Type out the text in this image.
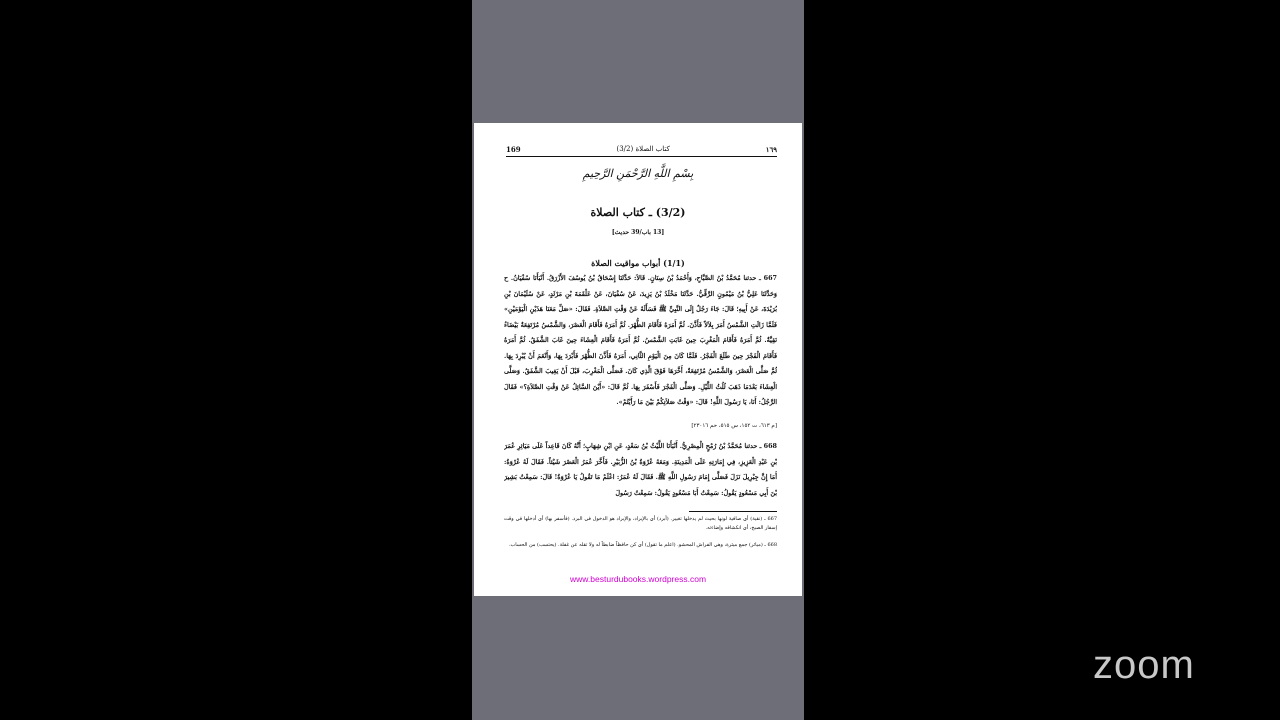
169	(3/2) كتاب الصلاة	١٦٩
بِسْمِ اللَّهِ الرَّحْمَنِ الرَّحِيمِ
(3/2) ـ كتاب الصلاة
[13 باب/39 حديث]
(1/1) أبواب مواقيت الصلاة
667 ـ حدثنا مُحَمَّدُ بْنُ الصَّبَّاحِ، وَأَحْمَدُ بْنُ سِنَانٍ. قَالاَ: حَدَّثَنَا إِسْحَاقُ بْنُ يُوسُفَ الأَزْرَقُ. أَنْبَأَنَا سُفْيَانُ. ح وَحَدَّثَنَا عَلِيُّ بْنُ مَيْمُونٍ الرَّقِّيُّ. حَدَّثَنَا مَخْلَدُ بْنُ يَزِيدَ، عَنْ سُفْيَانَ، عَنْ عَلْقَمَةَ بْنِ مَرْثَدٍ، عَنْ سُلَيْمَانَ بْنِ بُرَيْدَةَ، عَنْ أَبِيهِ؛ قَالَ: جَاءَ رَجُلٌ إِلَى النَّبِيِّ ﷺ فَسَأَلَهُ عَنْ وَقْتِ الصَّلاَةِ. فَقَالَ: «صَلِّ مَعَنَا هَذَيْنِ الْيَوْمَيْنِ» فَلَمَّا زَالَتِ الشَّمْسُ أَمَرَ بِلاَلاً فَأَذَّنَ. ثُمَّ أَمَرَهُ فَأَقَامَ الظُّهْرَ. ثُمَّ أَمَرَهُ فَأَقَامَ الْعَصْرَ، وَالشَّمْسُ مُرْتَفِعَةٌ بَيْضَاءُ نَقِيَّةٌ. ثُمَّ أَمَرَهُ فَأَقَامَ الْمَغْرِبَ حِينَ غَابَتِ الشَّمْسُ. ثُمَّ أَمَرَهُ فَأَقَامَ الْعِشَاءَ حِينَ غَابَ الشَّفَقُ. ثُمَّ أَمَرَهُ فَأَقَامَ الْفَجْرَ حِينَ طَلَعَ الْفَجْرُ. فَلَمَّا كَانَ مِنَ الْيَوْمِ الثَّانِي، أَمَرَهُ فَأَذَّنَ الظُّهْرَ فَأَبْرَدَ بِهَا، وَأَنْعَمَ أَنْ يُبْرِدَ بِهَا. ثُمَّ صَلَّى الْعَصْرَ، وَالشَّمْسُ مُرْتَفِعَةٌ، أَخَّرَهَا فَوْقَ الَّذِي كَانَ. فَصَلَّى الْمَغْرِبَ، قَبْلَ أَنْ يَغِيبَ الشَّفَقُ. وَصَلَّى الْعِشَاءَ بَعْدَمَا ذَهَبَ ثُلُثُ اللَّيْلِ. وَصَلَّى الْفَجْرَ فَأَسْفَرَ بِهَا. ثُمَّ قَالَ: «أَيْنَ السَّائِلُ عَنْ وَقْتِ الصَّلاَةِ؟» فَقَالَ الرَّجُلُ: أَنَا، يَا رَسُولَ اللَّهِ! قَالَ: «وَقْتُ صَلاَتِكُمْ بَيْنَ مَا رَأَيْتُمْ».
[م ٦١٣، ت ١٥٢، س ٥١٥، حم ٢٣٠١٦]
668 ـ حدثنا مُحَمَّدُ بْنُ رُمْحٍ الْمِصْرِيُّ. أَنْبَأَنَا اللَّيْثُ بْنُ سَعْدٍ، عَنِ ابْنِ شِهَابٍ؛ أَنَّهُ كَانَ قَاعِداً عَلَى مَيَاثِرِ عُمَرَ بْنِ عَبْدِ الْعَزِيزِ، فِي إِمَارَتِهِ عَلَى الْمَدِينَةِ. وَمَعَهُ عُرْوَةُ بْنُ الزُّبَيْرِ. فَأَخَّرَ عُمَرُ الْعَصْرَ شَيْئاً. فَقَالَ لَهُ عُرْوَةُ: أَمَا إِنَّ جِبْرِيلَ نَزَلَ فَصَلَّى إِمَامَ رَسُولِ اللَّهِ ﷺ. فَقَالَ لَهُ عُمَرُ: اعْلَمْ مَا تَقُولُ يَا عُرْوَةُ! قَالَ: سَمِعْتُ بَشِيرَ بْنَ أَبِي مَسْعُودٍ يَقُولُ: سَمِعْتُ أَبَا مَسْعُودٍ يَقُولُ: سَمِعْتُ رَسُولَ
667 ـ (نقية) أي صافية لونها بحيث لم يدخلها تغيير. (أبرد) أي بالإبراد، والإبراد هو الدخول في البرد. (فأسفر بها) أي أدخلها في وقت إسفار الصبح، أي انكشافه وإضاءته.
668 ـ (مياثر) جمع ميثرة، وهي الفراش المحشو. (اعلم ما تقول) أي كن حافظاً ضابطاً له ولا تقله عن غفلة. (يحتسب) من الحساب.
www.besturdubooks.wordpress.com
zoom
